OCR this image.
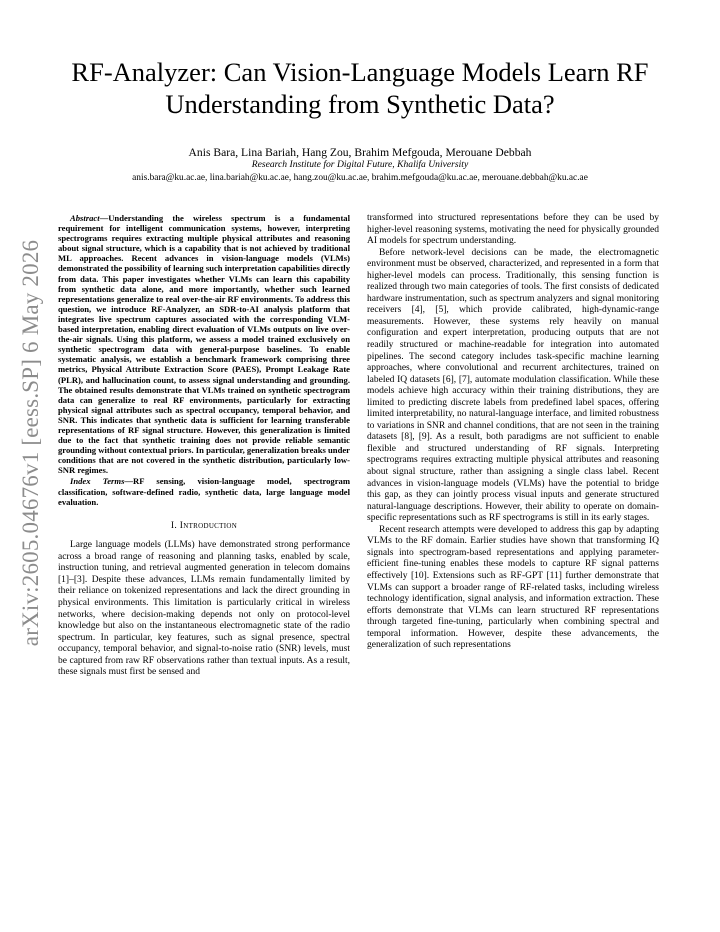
arXiv:2605.04676v1 [eess.SP] 6 May 2026
RF-Analyzer: Can Vision-Language Models Learn RF Understanding from Synthetic Data?
Anis Bara, Lina Bariah, Hang Zou, Brahim Mefgouda, Merouane Debbah
Research Institute for Digital Future, Khalifa University
anis.bara@ku.ac.ae, lina.bariah@ku.ac.ae, hang.zou@ku.ac.ae, brahim.mefgouda@ku.ac.ae, merouane.debbah@ku.ac.ae

Abstract—Understanding the wireless spectrum is a fundamental requirement for intelligent communication systems, however, interpreting spectrograms requires extracting multiple physical attributes and reasoning about signal structure, which is a capability that is not achieved by traditional ML approaches. Recent advances in vision-language models (VLMs) demonstrated the possibility of learning such interpretation capabilities directly from data. This paper investigates whether VLMs can learn this capability from synthetic data alone, and more importantly, whether such learned representations generalize to real over-the-air RF environments. To address this question, we introduce RF-Analyzer, an SDR-to-AI analysis platform that integrates live spectrum captures associated with the corresponding VLM-based interpretation, enabling direct evaluation of VLMs outputs on live over-the-air signals. Using this platform, we assess a model trained exclusively on synthetic spectrogram data with general-purpose baselines. To enable systematic analysis, we establish a benchmark framework comprising three metrics, Physical Attribute Extraction Score (PAES), Prompt Leakage Rate (PLR), and hallucination count, to assess signal understanding and grounding. The obtained results demonstrate that VLMs trained on synthetic spectrogram data can generalize to real RF environments, particularly for extracting physical signal attributes such as spectral occupancy, temporal behavior, and SNR. This indicates that synthetic data is sufficient for learning transferable representations of RF signal structure. However, this generalization is limited due to the fact that synthetic training does not provide reliable semantic grounding without contextual priors. In particular, generalization breaks under conditions that are not covered in the synthetic distribution, particularly low-SNR regimes.

Index Terms—RF sensing, vision-language model, spectrogram classification, software-defined radio, synthetic data, large language model evaluation.

I. Introduction

Large language models (LLMs) have demonstrated strong performance across a broad range of reasoning and planning tasks, enabled by scale, instruction tuning, and retrieval augmented generation in telecom domains [1]–[3]. Despite these advances, LLMs remain fundamentally limited by their reliance on tokenized representations and lack the direct grounding in physical environments. This limitation is particularly critical in wireless networks, where decision-making depends not only on protocol-level knowledge but also on the instantaneous electromagnetic state of the radio spectrum. In particular, key features, such as signal presence, spectral occupancy, temporal behavior, and signal-to-noise ratio (SNR) levels, must be captured from raw RF observations rather than textual inputs. As a result, these signals must first be sensed and

transformed into structured representations before they can be used by higher-level reasoning systems, motivating the need for physically grounded AI models for spectrum understanding.

Before network-level decisions can be made, the electromagnetic environment must be observed, characterized, and represented in a form that higher-level models can process. Traditionally, this sensing function is realized through two main categories of tools. The first consists of dedicated hardware instrumentation, such as spectrum analyzers and signal monitoring receivers [4], [5], which provide calibrated, high-dynamic-range measurements. However, these systems rely heavily on manual configuration and expert interpretation, producing outputs that are not readily structured or machine-readable for integration into automated pipelines. The second category includes task-specific machine learning approaches, where convolutional and recurrent architectures, trained on labeled IQ datasets [6], [7], automate modulation classification. While these models achieve high accuracy within their training distributions, they are limited to predicting discrete labels from predefined label spaces, offering limited interpretability, no natural-language interface, and limited robustness to variations in SNR and channel conditions, that are not seen in the training datasets [8], [9]. As a result, both paradigms are not sufficient to enable flexible and structured understanding of RF signals. Interpreting spectrograms requires extracting multiple physical attributes and reasoning about signal structure, rather than assigning a single class label. Recent advances in vision-language models (VLMs) have the potential to bridge this gap, as they can jointly process visual inputs and generate structured natural-language descriptions. However, their ability to operate on domain-specific representations such as RF spectrograms is still in its early stages.

Recent research attempts were developed to address this gap by adapting VLMs to the RF domain. Earlier studies have shown that transforming IQ signals into spectrogram-based representations and applying parameter-efficient fine-tuning enables these models to capture RF signal patterns effectively [10]. Extensions such as RF-GPT [11] further demonstrate that VLMs can support a broader range of RF-related tasks, including wireless technology identification, signal analysis, and information extraction. These efforts demonstrate that VLMs can learn structured RF representations through targeted fine-tuning, particularly when combining spectral and temporal information. However, despite these advancements, the generalization of such representations
